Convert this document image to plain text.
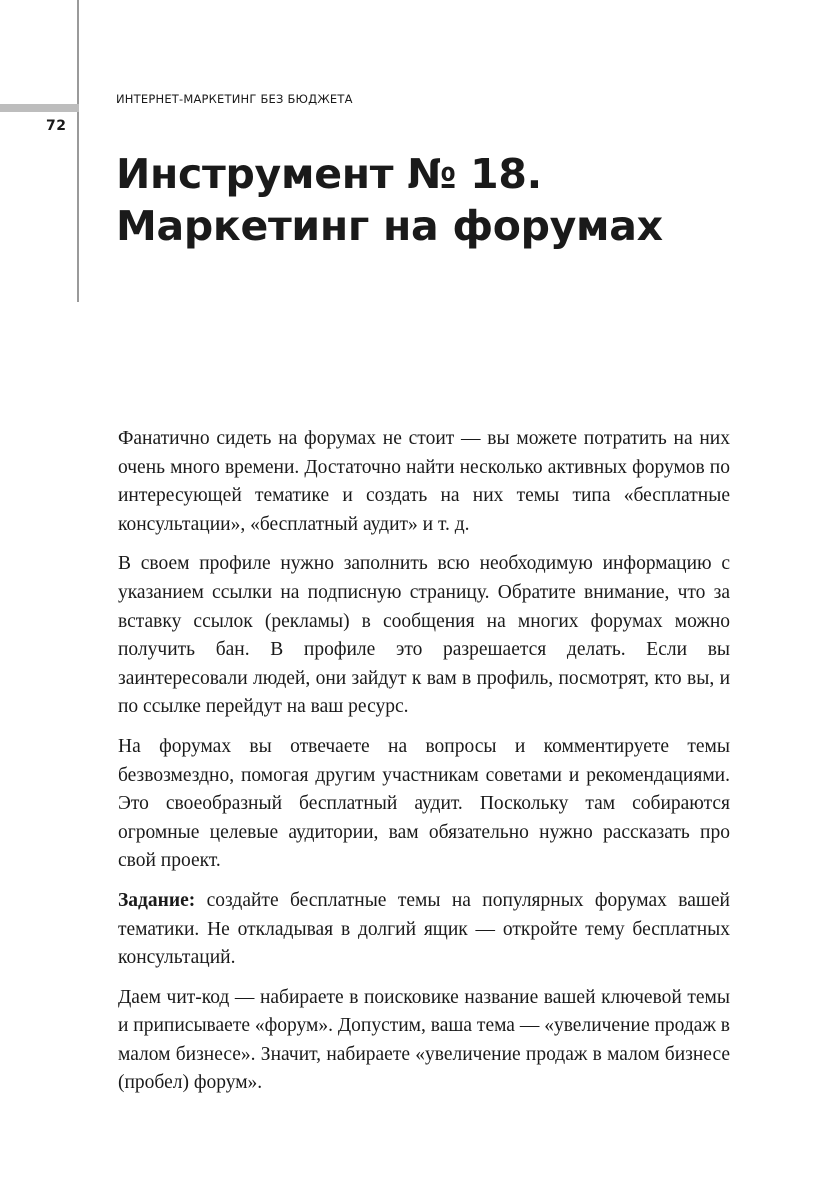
72
ИНТЕРНЕТ-МАРКЕТИНГ БЕЗ БЮДЖЕТА
Инструмент № 18.
Маркетинг на форумах

Фанатично сидеть на форумах не стоит — вы можете потратить на них очень много времени. Достаточно найти несколько активных форумов по интересующей тематике и создать на них темы типа «бесплатные консультации», «бесплатный аудит» и т. д.

В своем профиле нужно заполнить всю необходимую информацию с указанием ссылки на подписную страницу. Обратите внимание, что за вставку ссылок (рекламы) в сообщения на многих форумах можно получить бан. В профиле это разрешается делать. Если вы заинтересовали людей, они зайдут к вам в профиль, посмотрят, кто вы, и по ссылке перейдут на ваш ресурс.

На форумах вы отвечаете на вопросы и комментируете темы безвозмездно, помогая другим участникам советами и рекомендациями. Это своеобразный бесплатный аудит. Поскольку там собираются огромные целевые аудитории, вам обязательно нужно рассказать про свой проект.

Задание: создайте бесплатные темы на популярных форумах вашей тематики. Не откладывая в долгий ящик — откройте тему бесплатных консультаций.

Даем чит-код — набираете в поисковике название вашей ключевой темы и приписываете «форум». Допустим, ваша тема — «увеличение продаж в малом бизнесе». Значит, набираете «увеличение продаж в малом бизнесе (пробел) форум».
